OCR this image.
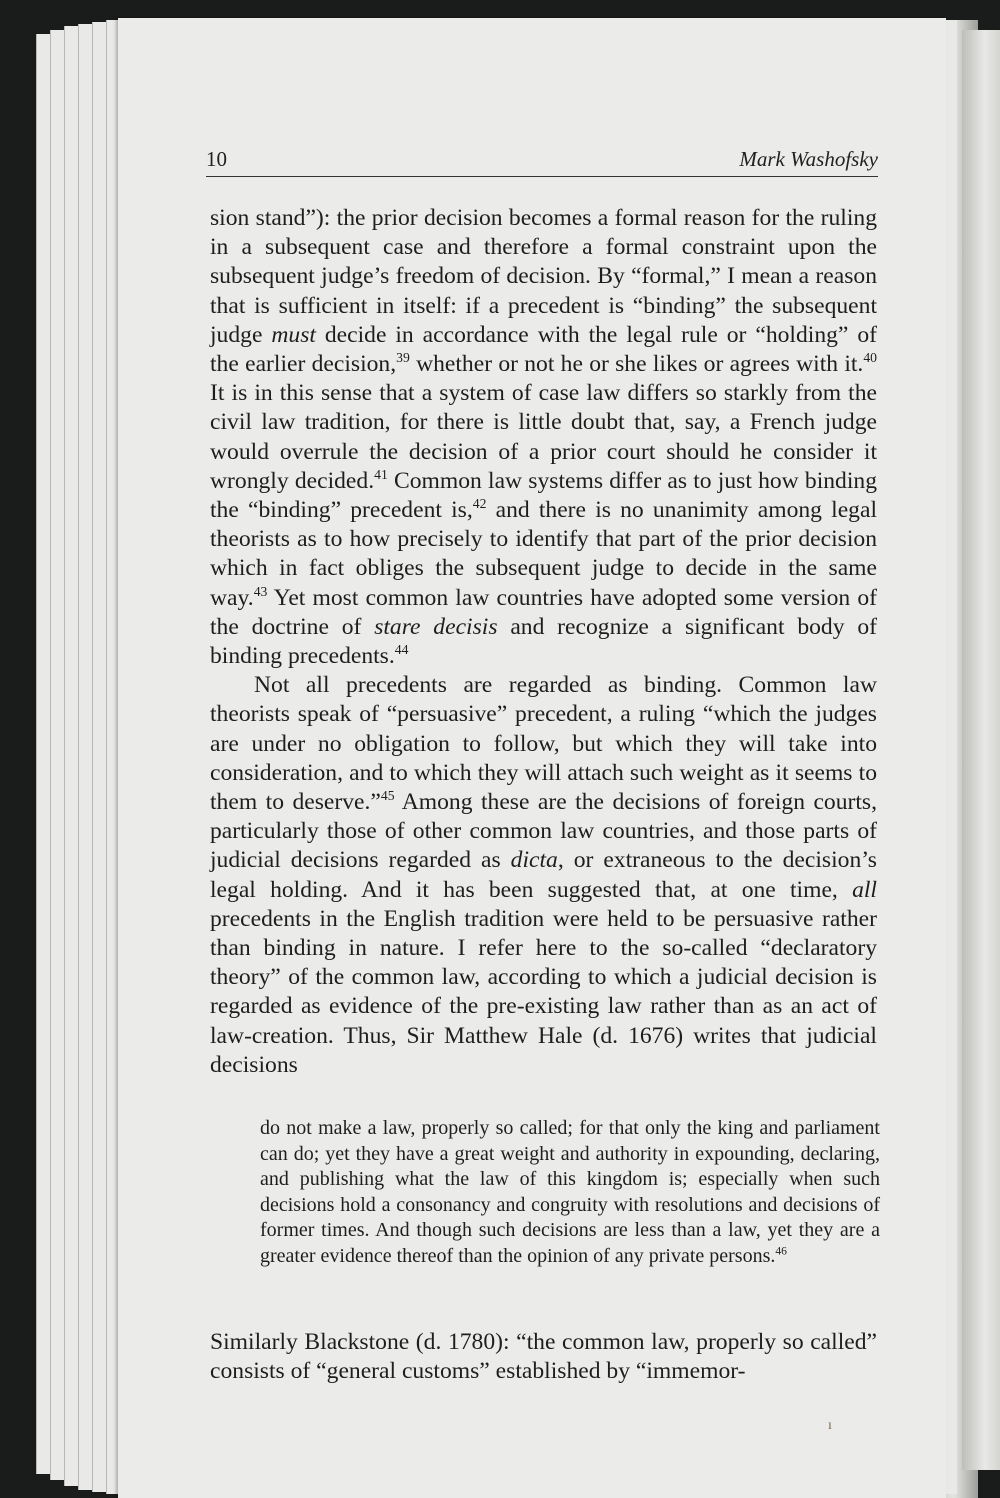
10	Mark Washofsky

sion stand”): the prior decision becomes a formal reason for the ruling in a subsequent case and therefore a formal constraint upon the subsequent judge’s freedom of decision. By “formal,” I mean a reason that is sufficient in itself: if a precedent is “binding” the subsequent judge must decide in accordance with the legal rule or “holding” of the earlier decision,$^{39}$ whether or not he or she likes or agrees with it.$^{40}$ It is in this sense that a system of case law differs so starkly from the civil law tradition, for there is little doubt that, say, a French judge would overrule the decision of a prior court should he consider it wrongly decided.$^{41}$ Common law systems differ as to just how binding the “binding” precedent is,$^{42}$ and there is no unanimity among legal theorists as to how precisely to identify that part of the prior decision which in fact obliges the subsequent judge to decide in the same way.$^{43}$ Yet most common law countries have adopted some version of the doctrine of stare decisis and recognize a significant body of binding precedents.$^{44}$

Not all precedents are regarded as binding. Common law theorists speak of “persuasive” precedent, a ruling “which the judges are under no obligation to follow, but which they will take into consideration, and to which they will attach such weight as it seems to them to deserve.”$^{45}$ Among these are the decisions of foreign courts, particularly those of other common law countries, and those parts of judicial decisions regarded as dicta, or extraneous to the decision’s legal holding. And it has been suggested that, at one time, all precedents in the English tradition were held to be persuasive rather than binding in nature. I refer here to the so-called “declaratory theory” of the common law, according to which a judicial decision is regarded as evidence of the pre-existing law rather than as an act of law-creation. Thus, Sir Matthew Hale (d. 1676) writes that judicial decisions

do not make a law, properly so called; for that only the king and parliament can do; yet they have a great weight and authority in expounding, declaring, and publishing what the law of this kingdom is; especially when such decisions hold a consonancy and congruity with resolutions and decisions of former times. And though such decisions are less than a law, yet they are a greater evidence thereof than the opinion of any private persons.$^{46}$
Similarly Blackstone (d. 1780): “the common law, properly so called” consists of “general customs” established by “immemor-
ı
